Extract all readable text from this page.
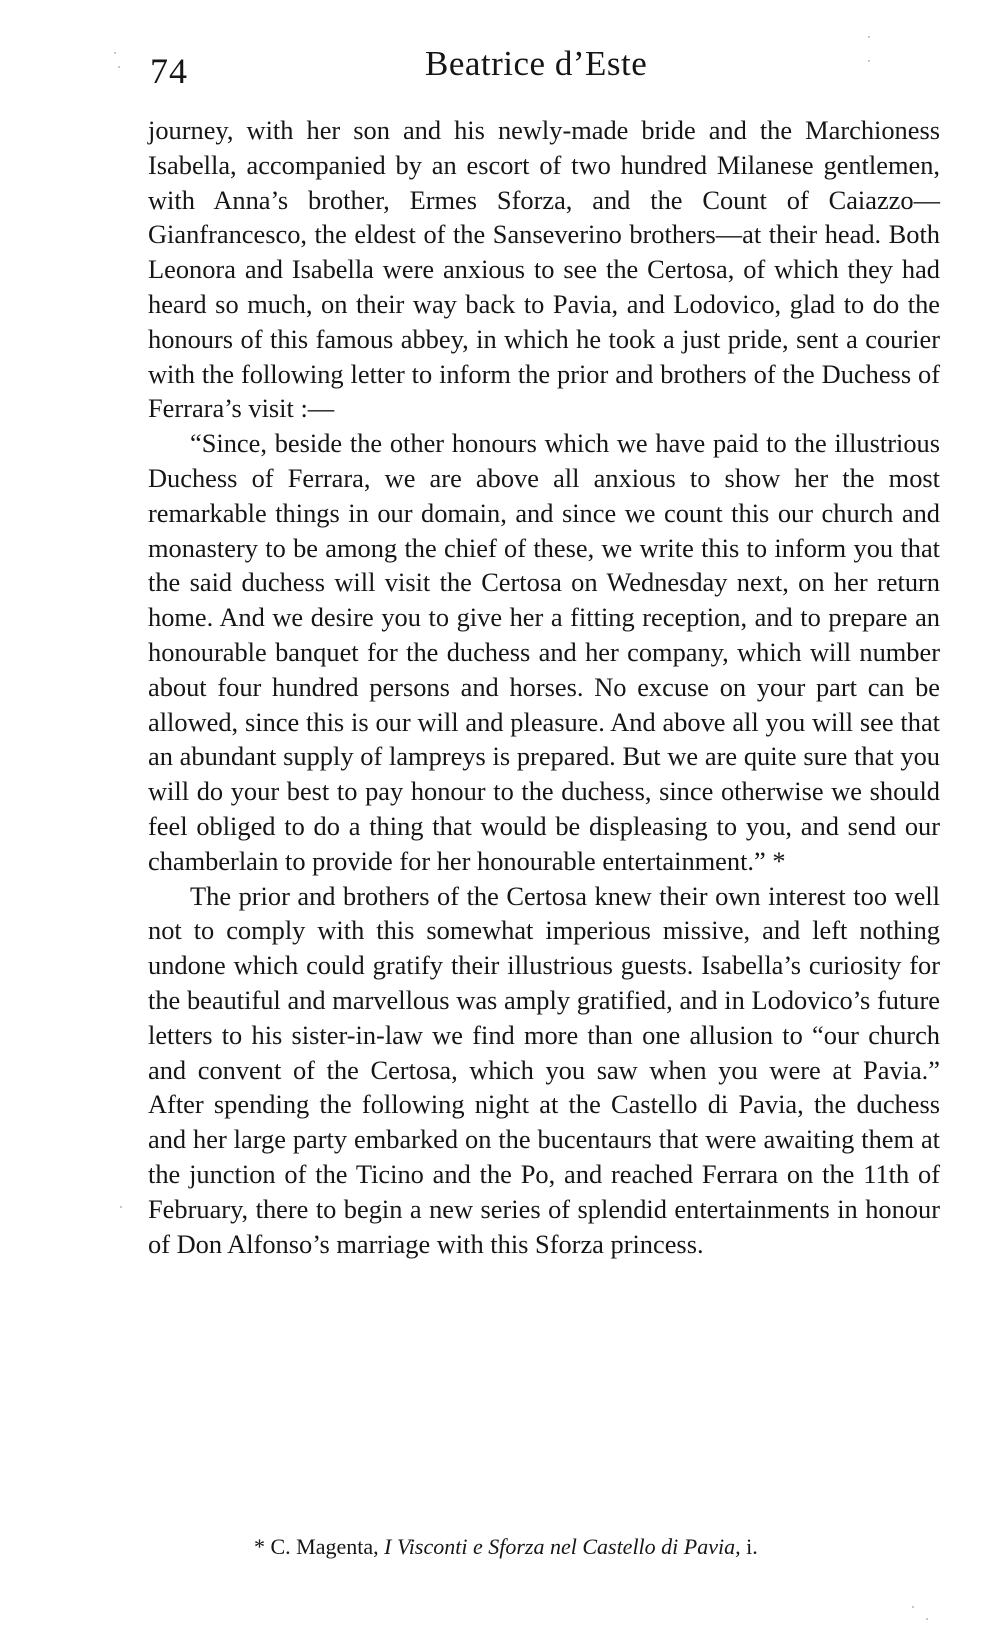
74	Beatrice d’Este

journey, with her son and his newly-made bride and the Marchioness Isabella, accompanied by an escort of two hundred Milanese gentlemen, with Anna’s brother, Ermes Sforza, and the Count of Caiazzo—Gianfrancesco, the eldest of the Sanseverino brothers—at their head. Both Leonora and Isabella were anxious to see the Certosa, of which they had heard so much, on their way back to Pavia, and Lodovico, glad to do the honours of this famous abbey, in which he took a just pride, sent a courier with the following letter to inform the prior and brothers of the Duchess of Ferrara’s visit :—

“Since, beside the other honours which we have paid to the illustrious Duchess of Ferrara, we are above all anxious to show her the most remarkable things in our domain, and since we count this our church and monastery to be among the chief of these, we write this to inform you that the said duchess will visit the Certosa on Wednesday next, on her return home. And we desire you to give her a fitting reception, and to prepare an honourable banquet for the duchess and her company, which will number about four hundred persons and horses. No excuse on your part can be allowed, since this is our will and pleasure. And above all you will see that an abundant supply of lampreys is prepared. But we are quite sure that you will do your best to pay honour to the duchess, since otherwise we should feel obliged to do a thing that would be displeasing to you, and send our chamberlain to provide for her honourable entertainment.” *

The prior and brothers of the Certosa knew their own interest too well not to comply with this somewhat imperious missive, and left nothing undone which could gratify their illustrious guests. Isabella’s curiosity for the beautiful and marvellous was amply gratified, and in Lodovico’s future letters to his sister-in-law we find more than one allusion to “our church and convent of the Certosa, which you saw when you were at Pavia.” After spending the following night at the Castello di Pavia, the duchess and her large party embarked on the bucentaurs that were awaiting them at the junction of the Ticino and the Po, and reached Ferrara on the 11th of February, there to begin a new series of splendid entertainments in honour of Don Alfonso’s marriage with this Sforza princess.

* C. Magenta, I Visconti e Sforza nel Castello di Pavia, i.
